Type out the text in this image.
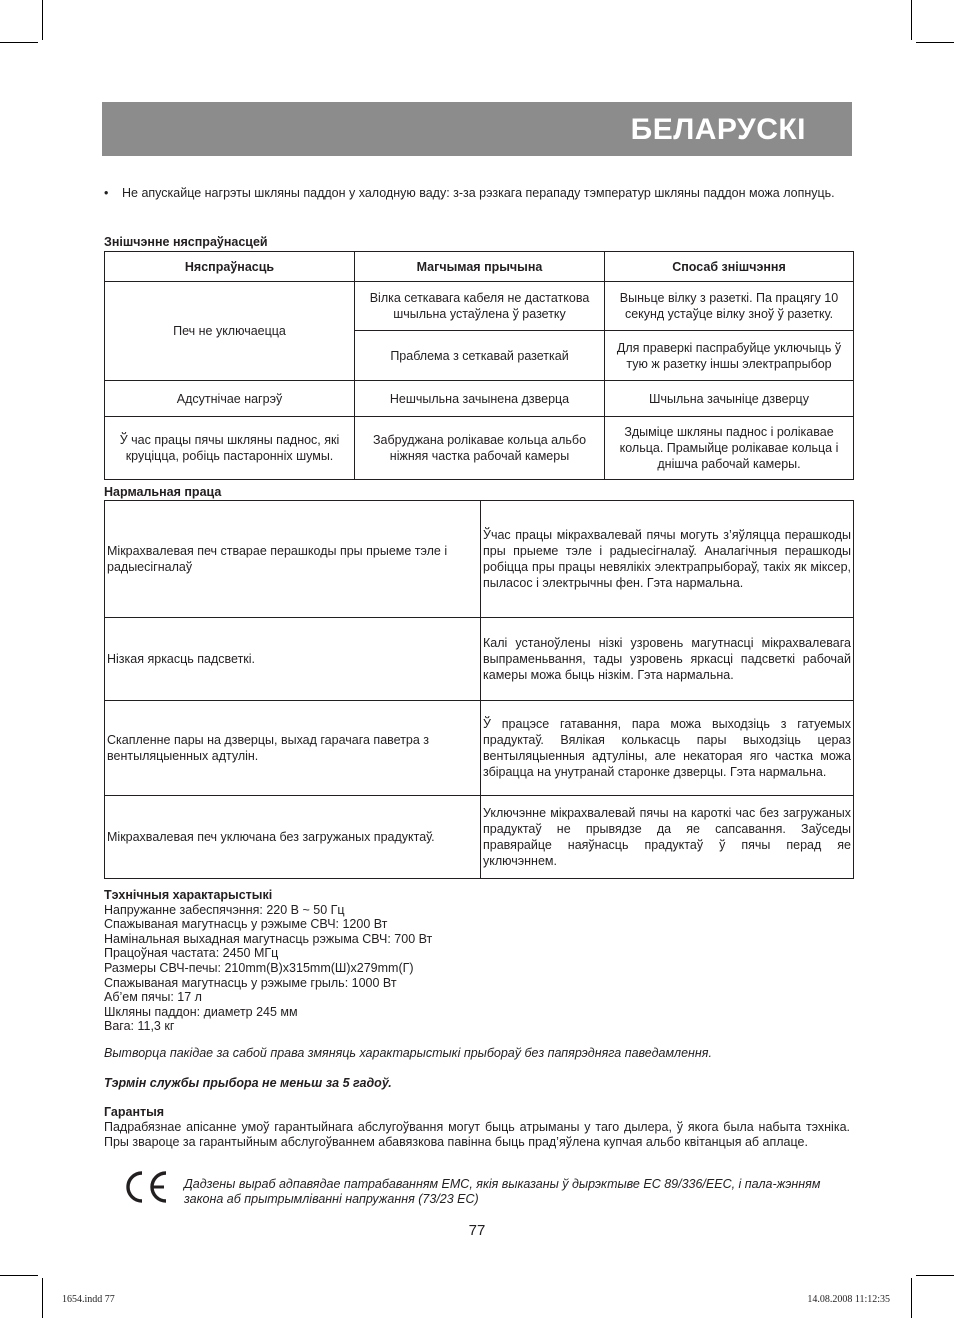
БЕЛАРУСКІ
•	Не апускайце нагрэты шкляны паддон у халодную ваду: з-за рэзкага перападу тэмператур шкляны паддон можа лопнуць.
Знішчэнне няспраўнасцей
Няспраўнасць	Магчымая прычына	Спосаб знішчэння
Печ не уключаецца	Вілка сеткавага кабеля не дастаткова шчыльна устаўлена ў разетку	Выньце вілку з разеткі. Па працягу 10 секунд устаўце вілку зноў ў разетку.
	Праблема з сеткавай разеткай	Для праверкі паспрабуйце уключыць ў тую ж разетку іншы электрапрыбор
Адсутнічае нагрэў	Нешчыльна зачынена дзверца	Шчыльна зачыніце дзверцу
Ў час працы пячы шкляны паднос, які круціцца, робіць пастаронніх шумы.	Забруджана ролікавае кольца альбо ніжняя частка рабочай камеры	Здыміце шкляны паднос і ролікавае кольца. Прамыйце ролікавае кольца і днішча рабочай камеры.
Нармальная праца
Мікрахвалевая печ стварае перашкоды пры прыеме тэле і радыесігналаў	Ўчас працы мікрахвалевай пячы могуть з’яўляцца перашкоды пры прыеме тэле і радыесігналаў. Аналагічныя перашкоды робіцца пры працы невялікіх электрапрыбораў, такіх як міксер, пыласос і электрычны фен. Гэта нармальна.
Нізкая яркасць падсветкі.	Калі устаноўлены нізкі узровень магутнасці мікрахвалевага выпраменьвання, тады узровень яркасці падсветкі рабочай камеры можа быць нізкім. Гэта нармальна.
Скапленне пары на дзверцы, выхад гарачага паветра з вентыляцыенных адтулін.	Ў працэсе гатавання, пара можа выходзіць з гатуемых прадуктаў. Вялікая колькасць пары выходзіць цераз вентыляцыенныя адтуліны, але некаторая яго частка можа збірацца на унутранай старонке дзверцы. Гэта нармальна.
Мікрахвалевая печ уключана без загружаных прадуктаў.	Уключэнне мікрахвалевай пячы на кароткі час без загружаных прадуктаў не прывядзе да яе сапсавання. Заўседы правярайце наяўнасць прадуктаў ў пячы перад яе уключэннем.
Тэхнічныя характарыстыкі
Напружанне забеспячэння: 220 В ~ 50 Гц
Спажываная магутнасць у рэжыме СВЧ: 1200 Вт
Намінальная выхадная магутнасць рэжыма СВЧ: 700 Вт
Працоўная частата: 2450 МГц
Размеры СВЧ-печы: 210mm(В)x315mm(Ш)x279mm(Г)
Спажываная магутнасць у рэжыме грыль: 1000 Вт
Аб’ем пячы: 17 л
Шкляны паддон: диаметр 245 мм
Вага: 11,3 кг
Вытворца пакідае за сабой права змяняць характарыстыкі прыбораў без папярэдняга паведамлення.
Тэрмін службы прыбора не меньш за 5 гадоў.
Гарантыя
Падрабязнае апісанне умоў гарантыйнага абслугоўвання могут быць атрыманы у таго дылера, ў якога была набыта тэхніка. Пры звароце за гарантыйным абслугоўваннем абавязкова павінна быць прад’яўлена купчая альбо квітанцыя аб аплаце.
Дадзены выраб адпавядае патрабаванням EMC, якія выказаны ў дырэктыве ЕС 89/336/EEC, і пала-жэнням закона аб прытрымліванні напружання (73/23 ЕС)
77
1654.indd 77	14.08.2008 11:12:35
